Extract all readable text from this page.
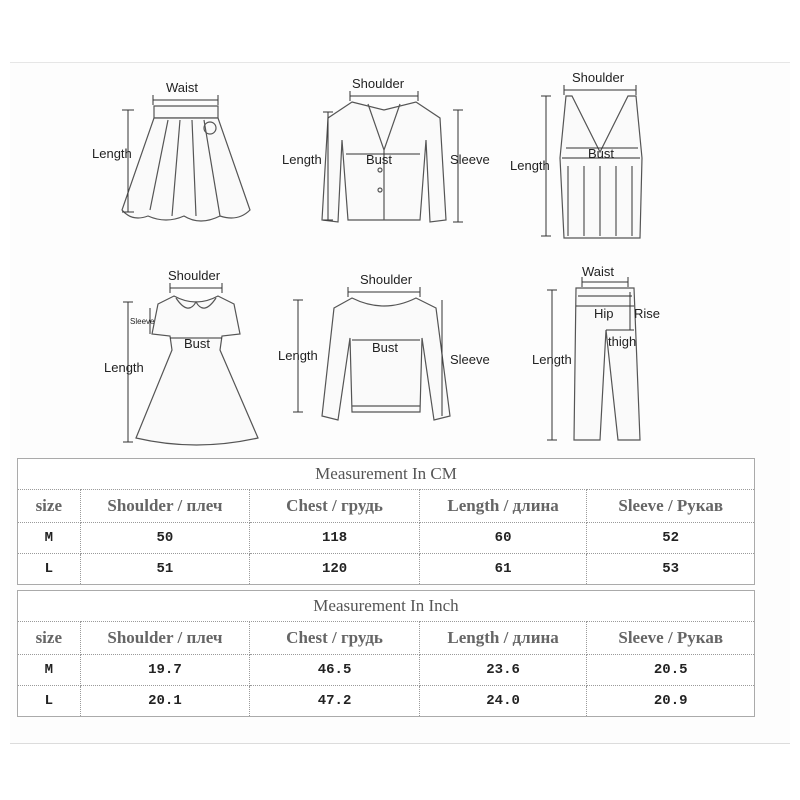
Waist
Length
Shoulder
Length	Bust	Sleeve
Shoulder
Bust
Length
Shoulder
Sleeve
Bust
Length
Shoulder
Bust
Length	Sleeve
Waist
Hip Rise
thigh
Length
Measurement In CM				
size	Shoulder / плеч	Chest / грудь	Length / длина	Sleeve / Рукав
M	50	118	60	52
L	51	120	61	53
Measurement In Inch				
size	Shoulder / плеч	Chest / грудь	Length / длина	Sleeve / Рукав
M	19.7	46.5	23.6	20.5
L	20.1	47.2	24.0	20.9
